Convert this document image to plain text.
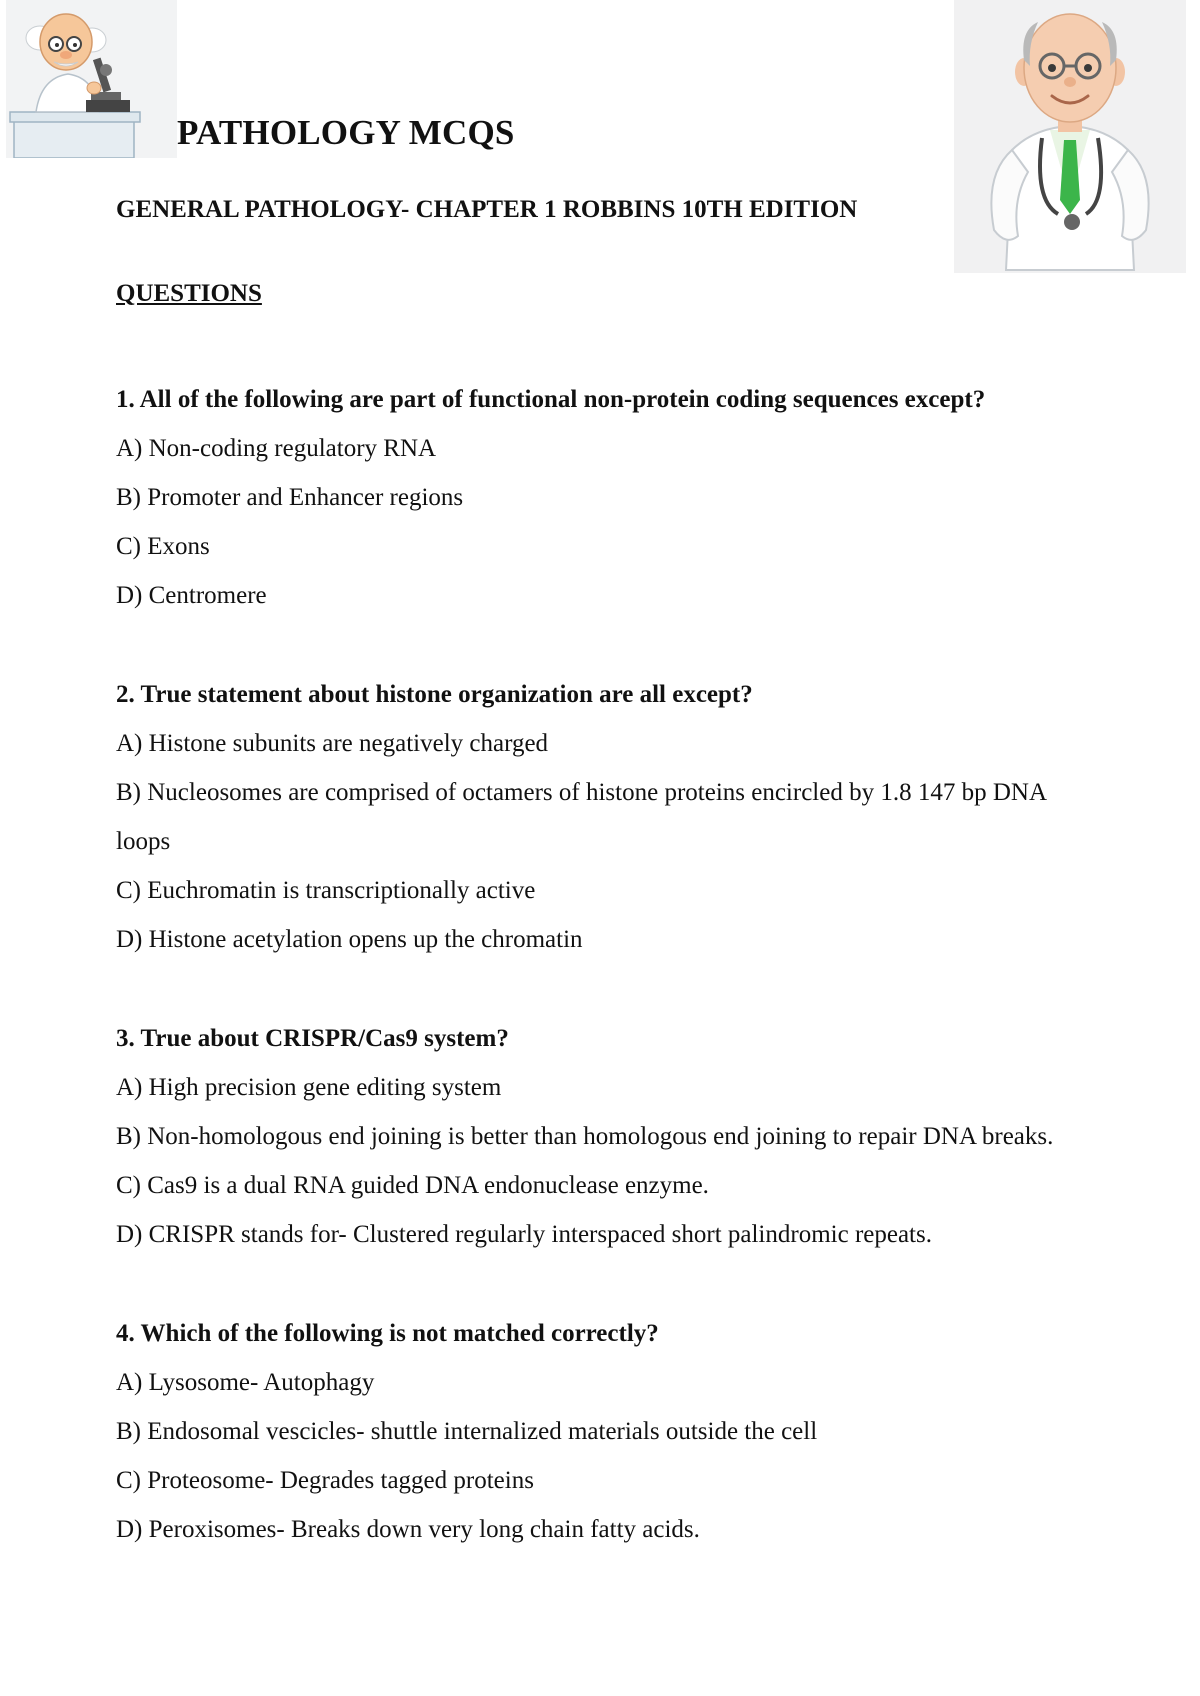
PATHOLOGY MCQS
GENERAL PATHOLOGY- CHAPTER 1 ROBBINS 10TH EDITION
QUESTIONS

1. All of the following are part of functional non-protein coding sequences except?

A) Non-coding regulatory RNA

B) Promoter and Enhancer regions

C) Exons

D) Centromere

2. True statement about histone organization are all except?

A) Histone subunits are negatively charged

B) Nucleosomes are comprised of octamers of histone proteins encircled by 1.8 147 bp DNA loops

C) Euchromatin is transcriptionally active

D) Histone acetylation opens up the chromatin

3. True about CRISPR/Cas9 system?

A) High precision gene editing system

B) Non-homologous end joining is better than homologous end joining to repair DNA breaks.

C) Cas9 is a dual RNA guided DNA endonuclease enzyme.

D) CRISPR stands for- Clustered regularly interspaced short palindromic repeats.

4. Which of the following is not matched correctly?

A) Lysosome- Autophagy

B) Endosomal vescicles- shuttle internalized materials outside the cell

C) Proteosome- Degrades tagged proteins

D) Peroxisomes- Breaks down very long chain fatty acids.
